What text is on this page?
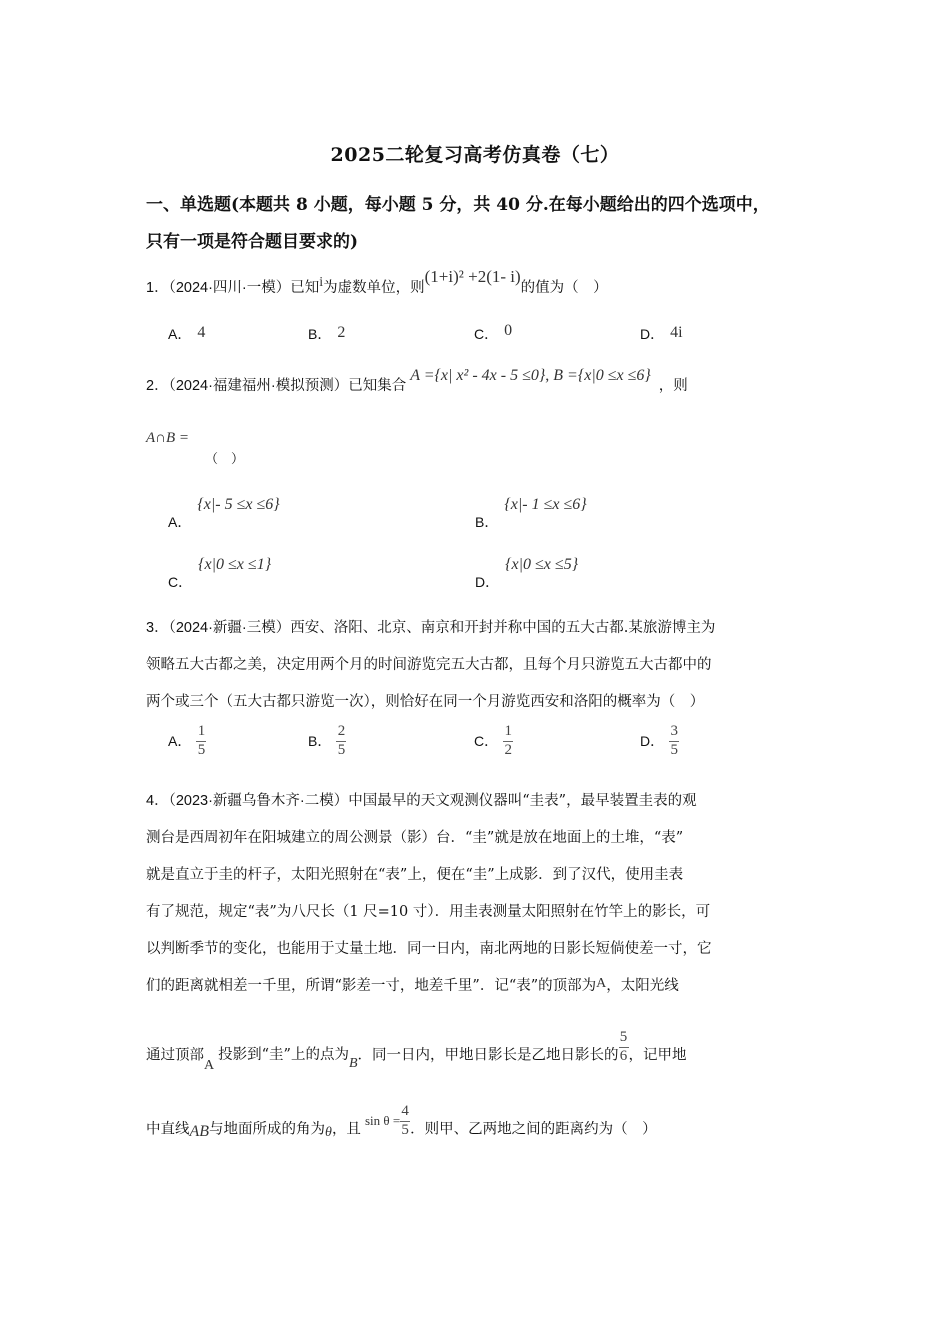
2025二轮复习高考仿真卷（七）
一、单选题(本题共 8 小题，每小题 5 分，共 40 分.在每小题给出的四个选项中，
只有一项是符合题目要求的)
1．（2024·四川·一模）已知i为虚数单位，则(1+i)² +2(1- i)的值为（　）
A． 4	B． 2	C． 0	D． 4i
2．（2024·福建福州·模拟预测）已知集合A ={x| x² - 4x - 5 ≤0}, B ={x|0 ≤x ≤6}，则
A∩B =
（　）
A．{x|- 5 ≤x ≤6}
B．{x|- 1 ≤x ≤6}
C．{x|0 ≤x ≤1}
D．{x|0 ≤x ≤5}
3．（2024·新疆·三模）西安、洛阳、北京、南京和开封并称中国的五大古都.某旅游博主为
领略五大古都之美，决定用两个月的时间游览完五大古都，且每个月只游览五大古都中的
两个或三个（五大古都只游览一次），则恰好在同一个月游览西安和洛阳的概率为（　）
A． $\frac{1}{5}$	B． $\frac{2}{5}$	C． $\frac{1}{2}$	D． $\frac{3}{5}$
4．（2023·新疆乌鲁木齐·二模）中国最早的天文观测仪器叫“圭表”，最早装置圭表的观
测台是西周初年在阳城建立的周公测景（影）台．“圭”就是放在地面上的土堆，“表”
就是直立于圭的杆子，太阳光照射在“表”上，便在“圭”上成影．到了汉代，使用圭表
有了规范，规定“表”为八尺长（1 尺=10 寸）．用圭表测量太阳照射在竹竿上的影长，可
以判断季节的变化，也能用于丈量土地．同一日内，南北两地的日影长短倘使差一寸，它
们的距离就相差一千里，所谓“影差一寸，地差千里”．记“表”的顶部为A，太阳光线
通过顶部A投影到“圭”上的点为B．同一日内，甲地日影长是乙地日影长的 $\frac{5}{6}$ ，记甲地
中直线AB与地面所成的角为θ，且$\sin \theta = \frac{4}{5}$ ．则甲、乙两地之间的距离约为（　）
